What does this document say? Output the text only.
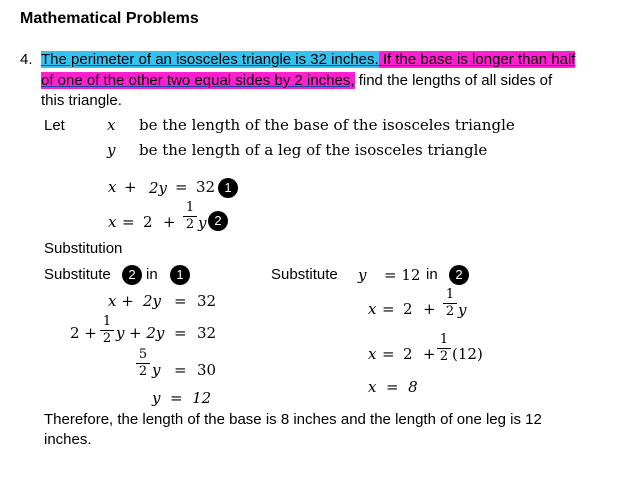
Mathematical Problems
4. The perimeter of an isosceles triangle is 32 inches. If the base is longer than half
of one of the other two equal sides by 2 inches, find the lengths of all sides of
this triangle.
Let	x be the length of the base of the isosceles triangle
y be the length of a leg of the isosceles triangle
x + 2y = 32 1
x = 2 +
1
2 y 2
Substitution
Substitute	2 in	1	Substitute y = 12 in	2
x + 2y = 32
2 +
1
2 y + 2y = 32
5
2 y = 30
y  =  12
x = 2 +
1
2 y
x = 2 +
1
2 (12)
x  =  8
Therefore, the length of the base is 8 inches and the length of one leg is 12
inches.
